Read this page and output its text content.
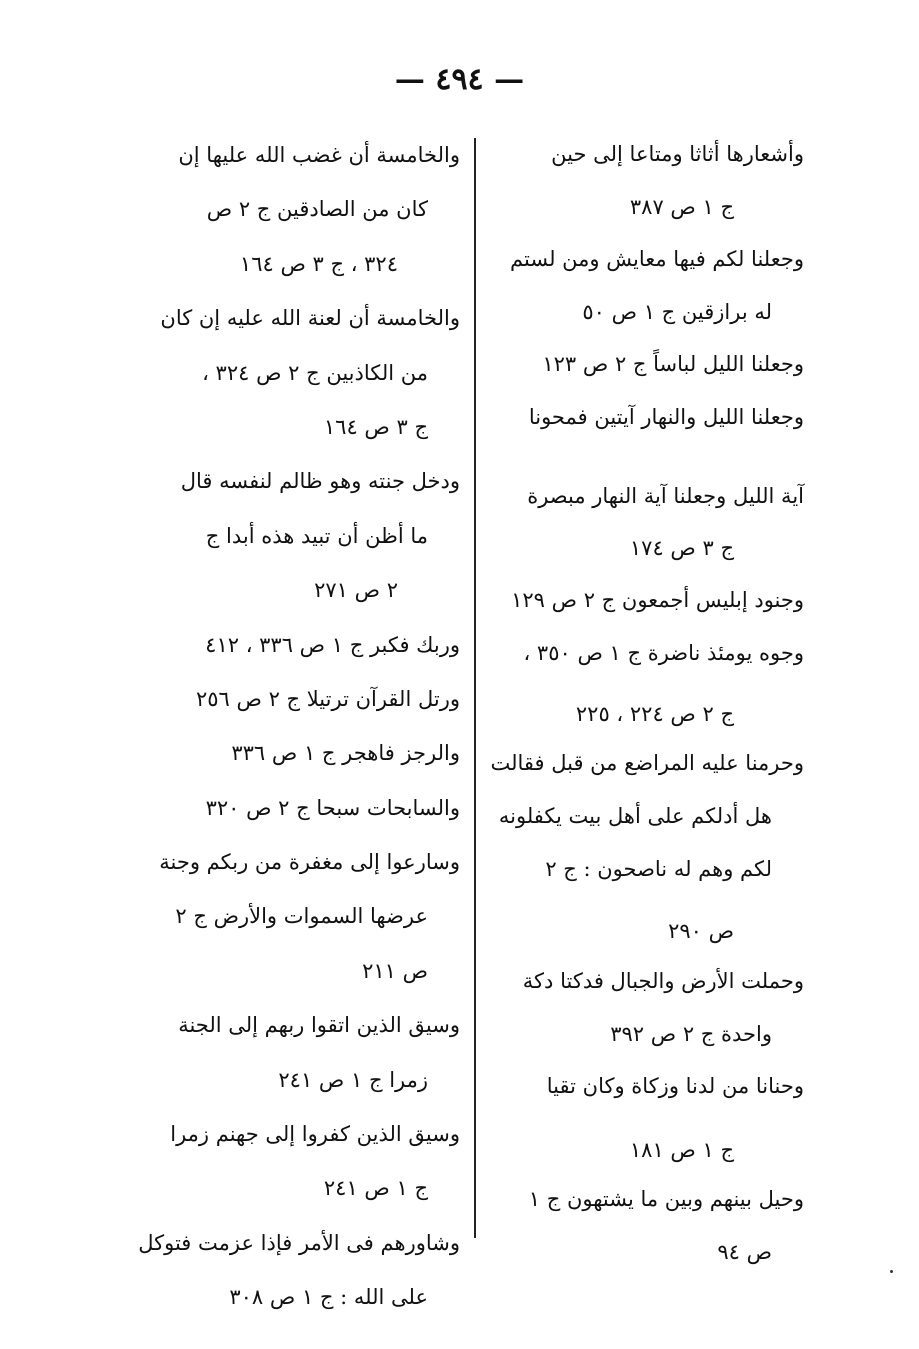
— ٤٩٤ —
وأشعارها أثاثا ومتاعا إلى حين
ج ١ ص ٣٨٧
وجعلنا لكم فيها معايش ومن لستم
له برازقين ج ١ ص ٥٠
وجعلنا الليل لباساً ج ٢ ص ١٢٣
وجعلنا الليل والنهار آيتين فمحونا
آية الليل وجعلنا آية النهار مبصرة
ج ٣ ص ١٧٤
وجنود إبليس أجمعون ج ٢ ص ١٢٩
وجوه يومئذ ناضرة ج ١ ص ٣٥٠ ،
ج ٢ ص ٢٢٤ ، ٢٢٥
وحرمنا عليه المراضع من قبل فقالت
هل أدلكم على أهل بيت يكفلونه
لكم وهم له ناصحون : ج ٢
ص ٢٩٠
وحملت الأرض والجبال فدكتا دكة
واحدة ج ٢ ص ٣٩٢
وحنانا من لدنا وزكاة وكان تقيا
ج ١ ص ١٨١
وحيل بينهم وبين ما يشتهون ج ١
ص ٩٤
والخامسة أن غضب الله عليها إن
كان من الصادقين ج ٢ ص
٣٢٤ ، ج ٣ ص ١٦٤
والخامسة أن لعنة الله عليه إن كان
من الكاذبين ج ٢ ص ٣٢٤ ،
ج ٣ ص ١٦٤
ودخل جنته وهو ظالم لنفسه قال
ما أظن أن تبيد هذه أبدا ج
٢ ص ٢٧١
وربك فكبر ج ١ ص ٣٣٦ ، ٤١٢
ورتل القرآن ترتيلا ج ٢ ص ٢٥٦
والرجز فاهجر ج ١ ص ٣٣٦
والسابحات سبحا ج ٢ ص ٣٢٠
وسارعوا إلى مغفرة من ربكم وجنة
عرضها السموات والأرض ج ٢
ص ٢١١
وسيق الذين اتقوا ربهم إلى الجنة
زمرا ج ١ ص ٢٤١
وسيق الذين كفروا إلى جهنم زمرا
ج ١ ص ٢٤١
وشاورهم فى الأمر فإذا عزمت فتوكل
على الله : ج ١ ص ٣٠٨
